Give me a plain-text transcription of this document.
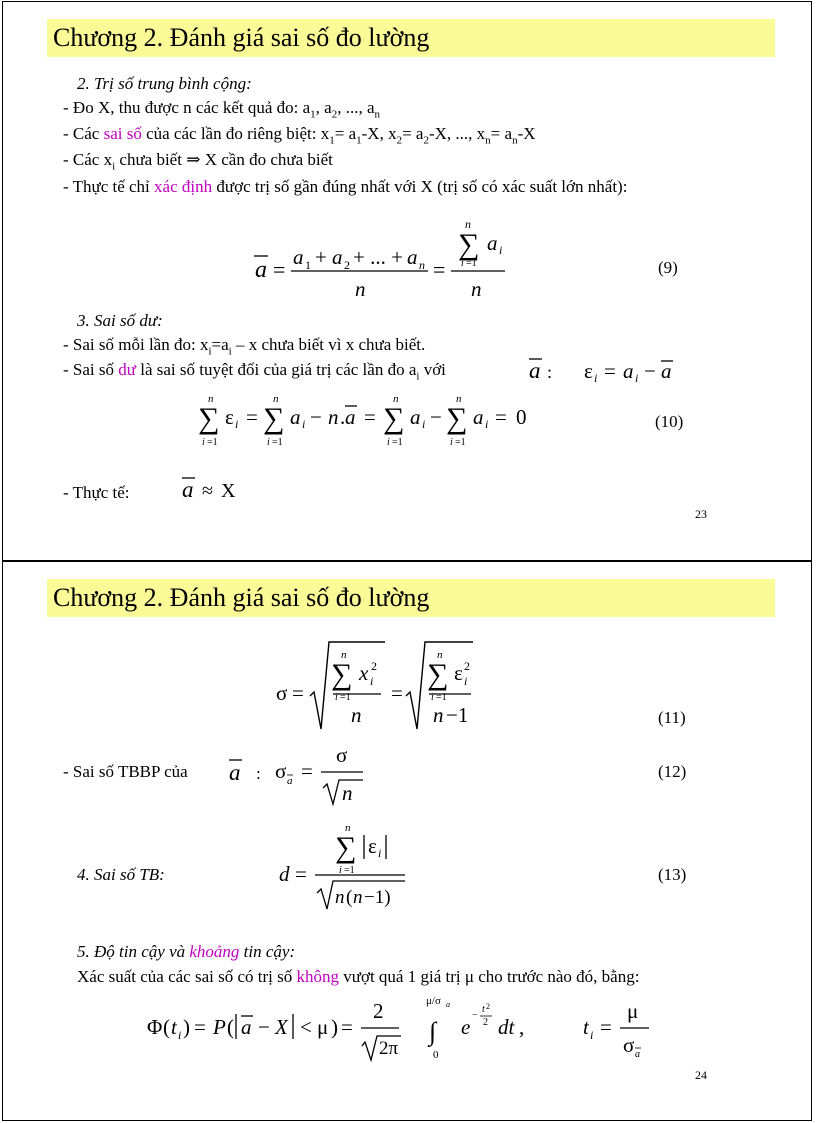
Chương 2. Đánh giá sai số đo lường
2. Trị số trung bình cộng:
- Đo X, thu được n các kết quả đo: $a_1$, $a_2$, ..., $a_n$
- Các sai số của các lần đo riêng biệt: $x_1= a_1-X$, $x_2= a_2-X$, ..., $x_n= a_n-X$
- Các $x_i$ chưa biết ⇒ X cần đo chưa biết
- Thực tế chỉ xác định được trị số gần đúng nhất với X (trị số có xác suất lớn nhất):
a = a 1 + a 2 + ... + a n
n
=
n
∑ a i
i =1
n
(9)
3. Sai số dư:
- Sai số mỗi lần đo: $x_i=a_i - x$ chưa biết vì x chưa biết.
- Sai số dư là sai số tuyệt đối của giá trị các lần đo $a_i$ với	a : ε i = a i − a
n
∑
i =1
ε i =
n
∑
i =1
a i − n . a =
n
∑
i =1
a i −
n
∑
i =1
a i = 0	(10)
- Thực tế: a ≈ X
23
Chương 2. Đánh giá sai số đo lường
σ =
n
∑
i =1
x 2
i
n
=
n
∑
i =1
ε 2
i
n −1	(11)
- Sai số TBBP của a : σ a =
σ
n
(12)
4. Sai số TB:	d =
n
∑
i =1
ε i
n ( n −1)
(13)
5. Độ tin cậy và khoảng tin cậy:
Xác suất của các sai số có trị số không vượt quá 1 giá trị μ cho trước nào đó, bằng:
Φ ( t i ) = P ( a − X < μ ) =
2
2π
μ/σ a
∫
0
e −
t 2
2 dt ,	t i =
μ
σ a
24
